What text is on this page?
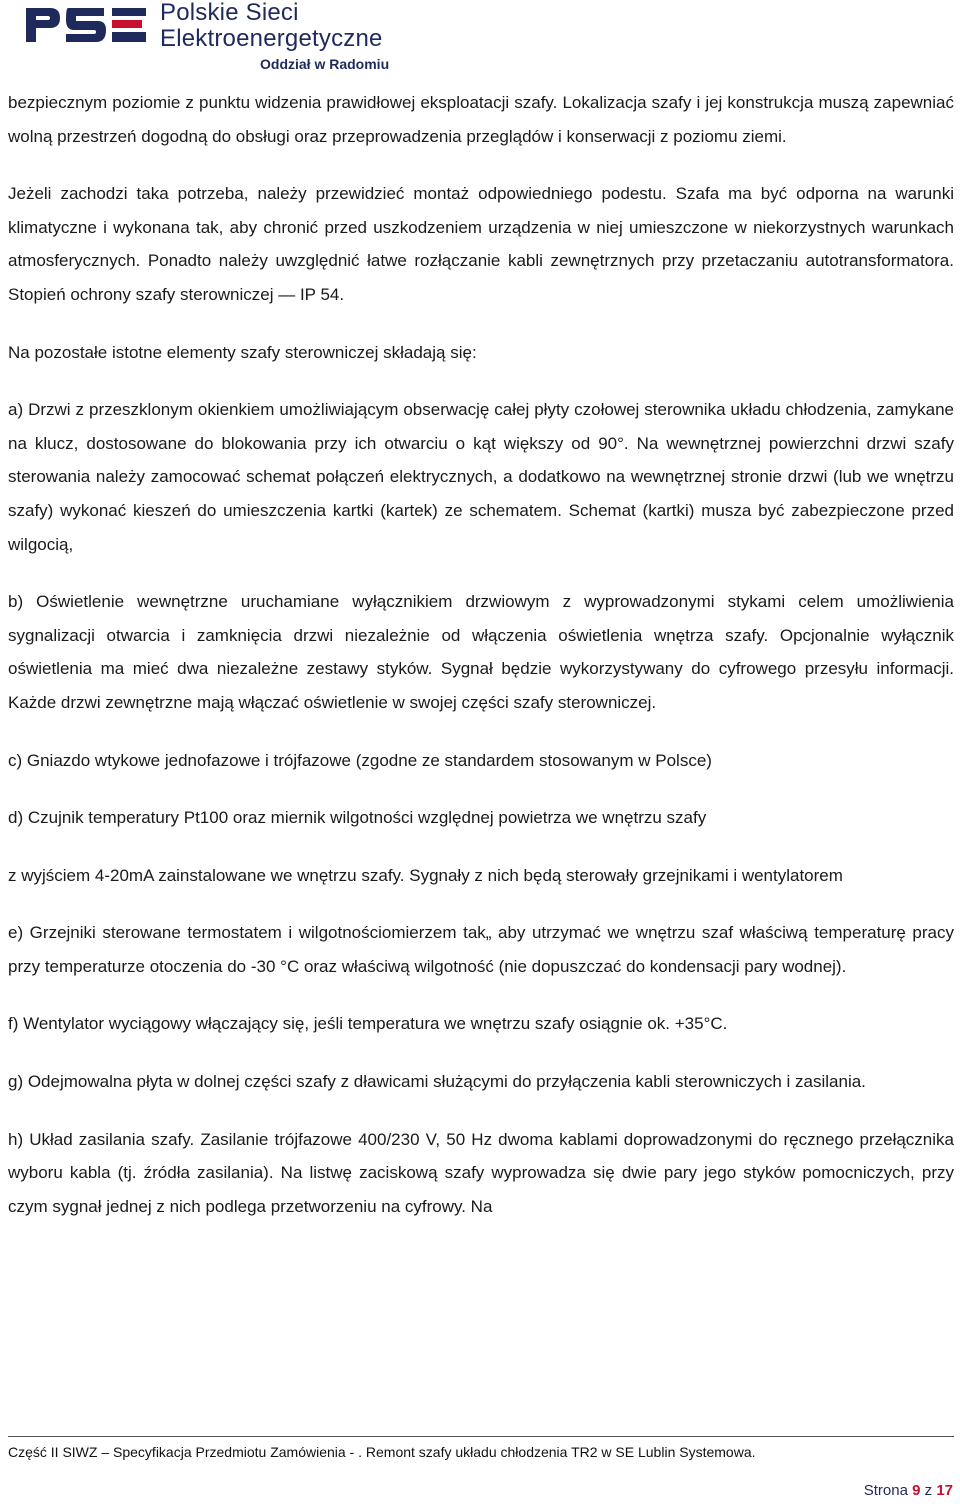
Polskie Sieci
Elektroenergetyczne
Oddział w Radomiu

bezpiecznym poziomie z punktu widzenia prawidłowej eksploatacji szafy. Lokalizacja szafy i jej konstrukcja muszą zapewniać wolną przestrzeń dogodną do obsługi oraz przeprowadzenia przeglądów i konserwacji z poziomu ziemi.

Jeżeli zachodzi taka potrzeba, należy przewidzieć montaż odpowiedniego podestu. Szafa ma być odporna na warunki klimatyczne i wykonana tak, aby chronić przed uszkodzeniem urządzenia w niej umieszczone w niekorzystnych warunkach atmosferycznych. Ponadto należy uwzględnić łatwe rozłączanie kabli zewnętrznych przy przetaczaniu autotransformatora. Stopień ochrony szafy sterowniczej — IP 54.

Na pozostałe istotne elementy szafy sterowniczej składają się:

a) Drzwi z przeszklonym okienkiem umożliwiającym obserwację całej płyty czołowej sterownika układu chłodzenia, zamykane na klucz, dostosowane do blokowania przy ich otwarciu o kąt większy od 90°. Na wewnętrznej powierzchni drzwi szafy sterowania należy zamocować schemat połączeń elektrycznych, a dodatkowo na wewnętrznej stronie drzwi (lub we wnętrzu szafy) wykonać kieszeń do umieszczenia kartki (kartek) ze schematem. Schemat (kartki) musza być zabezpieczone przed wilgocią,

b) Oświetlenie wewnętrzne uruchamiane wyłącznikiem drzwiowym z wyprowadzonymi stykami celem umożliwienia sygnalizacji otwarcia i zamknięcia drzwi niezależnie od włączenia oświetlenia wnętrza szafy. Opcjonalnie wyłącznik oświetlenia ma mieć dwa niezależne zestawy styków. Sygnał będzie wykorzystywany do cyfrowego przesyłu informacji. Każde drzwi zewnętrzne mają włączać oświetlenie w swojej części szafy sterowniczej.

c) Gniazdo wtykowe jednofazowe i trójfazowe (zgodne ze standardem stosowanym w Polsce)

d) Czujnik temperatury Pt100 oraz miernik wilgotności względnej powietrza we wnętrzu szafy

z wyjściem 4-20mA zainstalowane we wnętrzu szafy. Sygnały z nich będą sterowały grzejnikami i wentylatorem

e) Grzejniki sterowane termostatem i wilgotnościomierzem tak„ aby utrzymać we wnętrzu szaf właściwą temperaturę pracy przy temperaturze otoczenia do -30 °C oraz właściwą wilgotność (nie dopuszczać do kondensacji pary wodnej).

f) Wentylator wyciągowy włączający się, jeśli temperatura we wnętrzu szafy osiągnie ok. +35°C.

g) Odejmowalna płyta w dolnej części szafy z dławicami służącymi do przyłączenia kabli sterowniczych i zasilania.

h) Układ zasilania szafy. Zasilanie trójfazowe 400/230 V, 50 Hz dwoma kablami doprowadzonymi do ręcznego przełącznika wyboru kabla (tj. źródła zasilania). Na listwę zaciskową szafy wyprowadza się dwie pary jego styków pomocniczych, przy czym sygnał jednej z nich podlega przetworzeniu na cyfrowy. Na

Część II SIWZ – Specyfikacja Przedmiotu Zamówienia - . Remont szafy układu chłodzenia TR2 w SE Lublin Systemowa.
Strona 9 z 17
